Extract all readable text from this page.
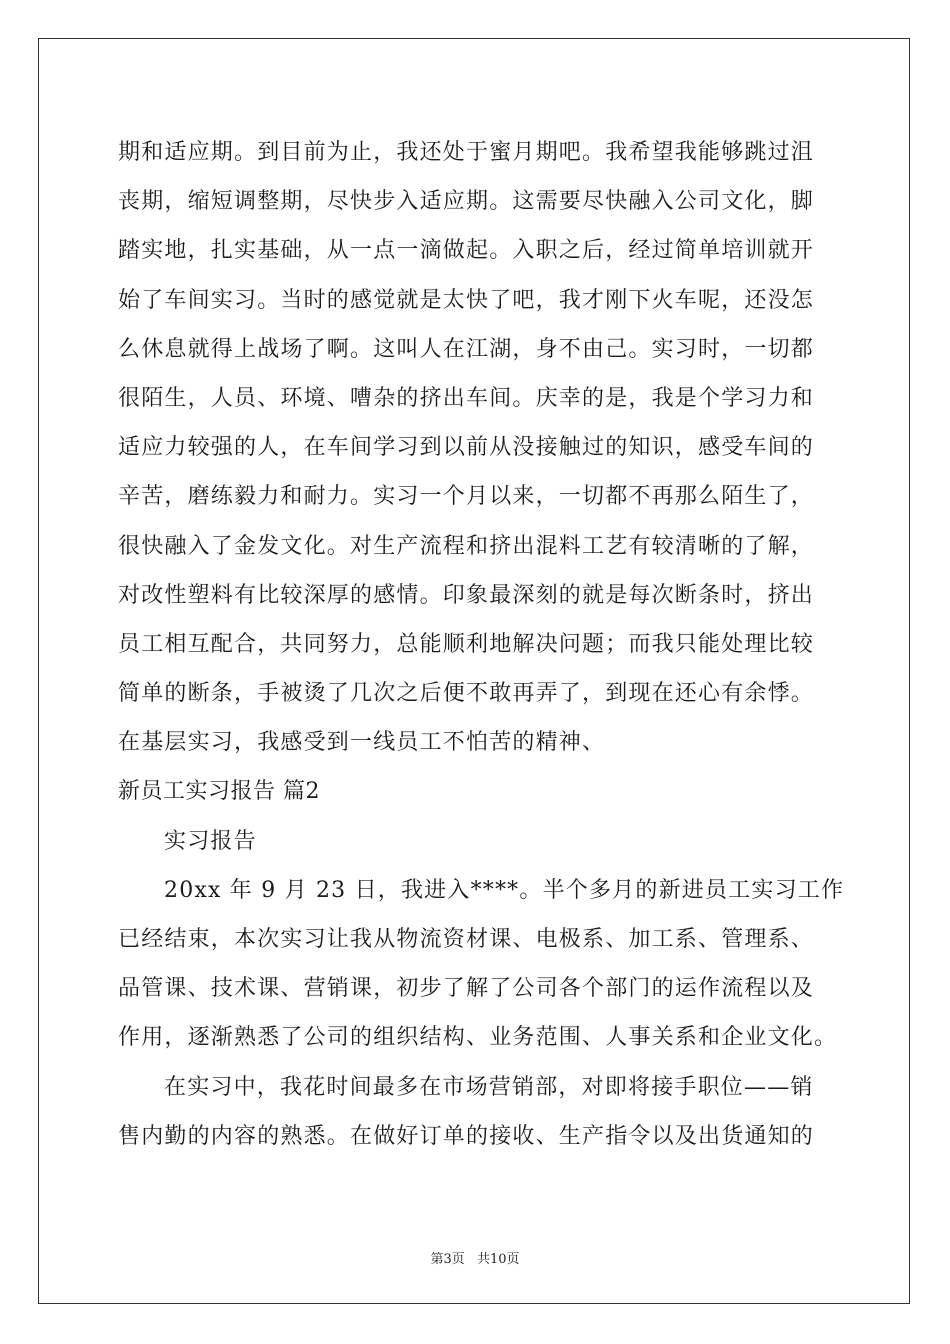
期和适应期。到目前为止，我还处于蜜月期吧。我希望我能够跳过沮
丧期，缩短调整期，尽快步入适应期。这需要尽快融入公司文化，脚
踏实地，扎实基础，从一点一滴做起。入职之后，经过简单培训就开
始了车间实习。当时的感觉就是太快了吧，我才刚下火车呢，还没怎
么休息就得上战场了啊。这叫人在江湖，身不由己。实习时，一切都
很陌生，人员、环境、嘈杂的挤出车间。庆幸的是，我是个学习力和
适应力较强的人，在车间学习到以前从没接触过的知识，感受车间的
辛苦，磨练毅力和耐力。实习一个月以来，一切都不再那么陌生了，
很快融入了金发文化。对生产流程和挤出混料工艺有较清晰的了解，
对改性塑料有比较深厚的感情。印象最深刻的就是每次断条时，挤出
员工相互配合，共同努力，总能顺利地解决问题；而我只能处理比较
简单的断条，手被烫了几次之后便不敢再弄了，到现在还心有余悸。
在基层实习，我感受到一线员工不怕苦的精神、
新员工实习报告 篇2
实习报告
20xx 年 9 月 23 日，我进入****。半个多月的新进员工实习工作
已经结束，本次实习让我从物流资材课、电极系、加工系、管理系、
品管课、技术课、营销课，初步了解了公司各个部门的运作流程以及
作用，逐渐熟悉了公司的组织结构、业务范围、人事关系和企业文化。
在实习中，我花时间最多在市场营销部，对即将接手职位——销
售内勤的内容的熟悉。在做好订单的接收、生产指令以及出货通知的
第3页 共10页
